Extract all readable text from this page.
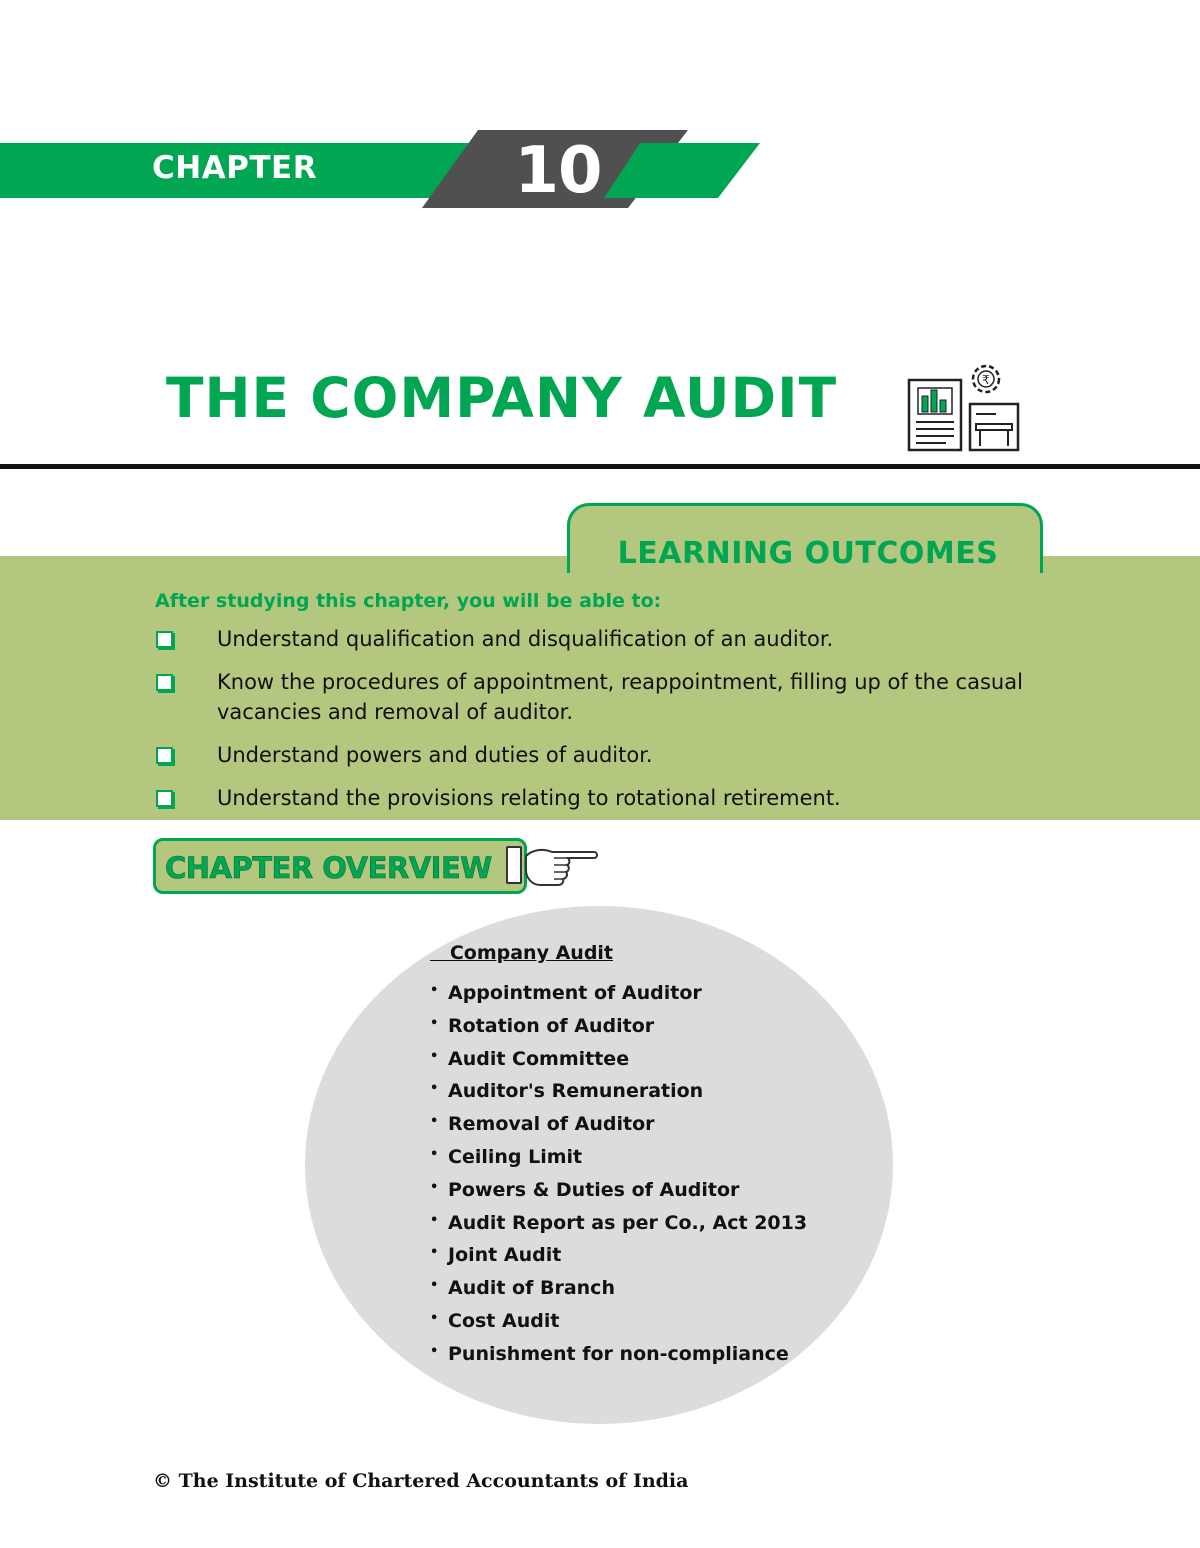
CHAPTER	10
THE COMPANY AUDIT	₹
LEARNING OUTCOMES
After studying this chapter, you will be able to:
Understand qualification and disqualification of an auditor.
Know the procedures of appointment, reappointment, filling up of the casual vacancies and removal of auditor.
Understand powers and duties of auditor.
Understand the provisions relating to rotational retirement.
CHAPTER OVERVIEW
Company Audit
• Appointment of Auditor
• Rotation of Auditor
• Audit Committee
• Auditor's Remuneration
• Removal of Auditor
• Ceiling Limit
• Powers & Duties of Auditor
• Audit Report as per Co., Act 2013
• Joint Audit
• Audit of Branch
• Cost Audit
• Punishment for non-compliance
© The Institute of Chartered Accountants of India
